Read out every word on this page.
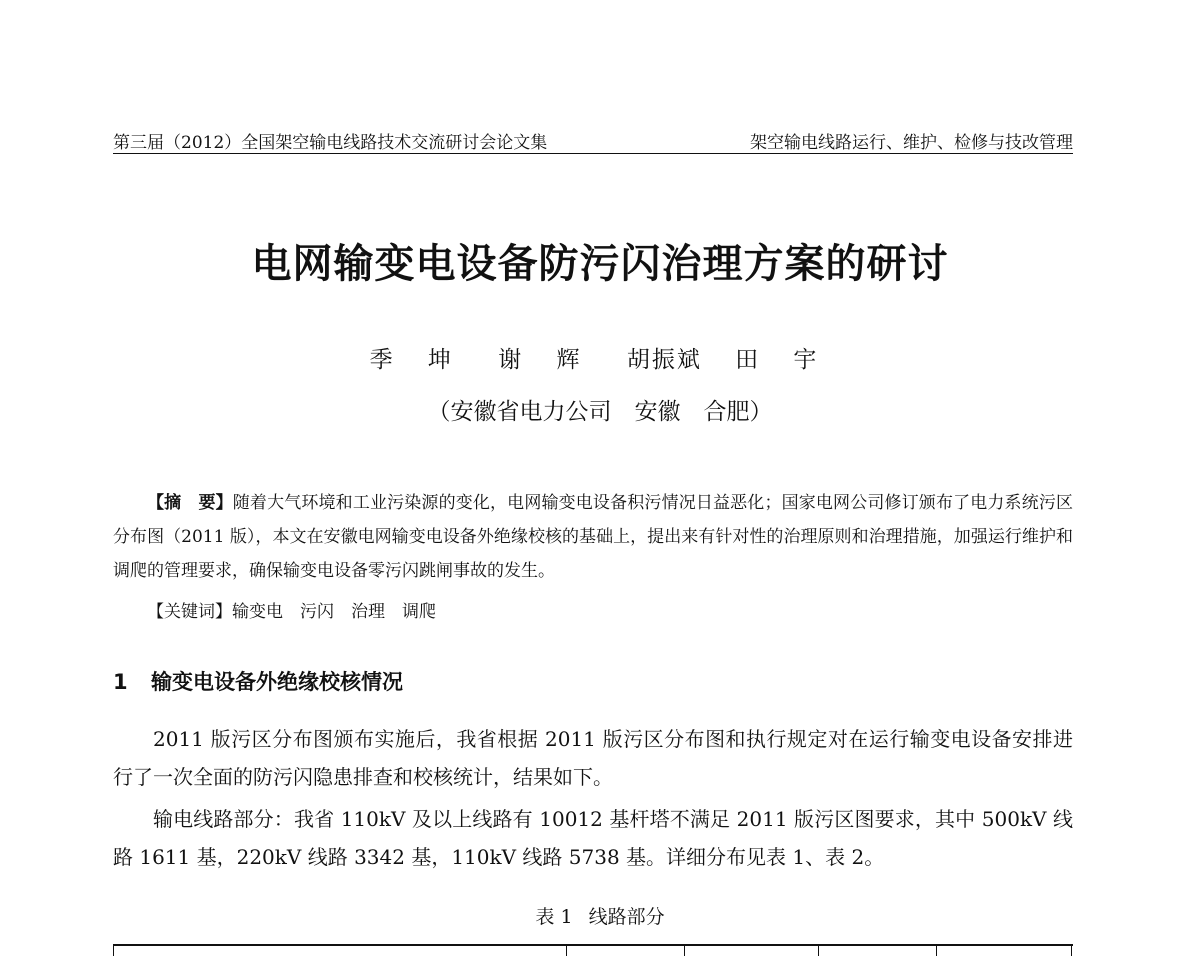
第三届（2012）全国架空输电线路技术交流研讨会论文集	架空输电线路运行、维护、检修与技改管理
电网输变电设备防污闪治理方案的研讨
季 坤 谢 辉 胡振斌 田 宇
（安徽省电力公司　安徽　合肥）
【摘　要】随着大气环境和工业污染源的变化，电网输变电设备积污情况日益恶化；国家电网公司修订颁布了电力系统污区分布图（2011 版），本文在安徽电网输变电设备外绝缘校核的基础上，提出来有针对性的治理原则和治理措施，加强运行维护和调爬的管理要求，确保输变电设备零污闪跳闸事故的发生。
【关键词】输变电　污闪　治理　调爬
1 输变电设备外绝缘校核情况
2011 版污区分布图颁布实施后，我省根据 2011 版污区分布图和执行规定对在运行输变电设备安排进行了一次全面的防污闪隐患排查和校核统计，结果如下。
输电线路部分：我省 110kV 及以上线路有 10012 基杆塔不满足 2011 版污区图要求，其中 500kV 线路 1611 基，220kV 线路 3342 基，110kV 线路 5738 基。详细分布见表 1、表 2。
表 1 线路部分
